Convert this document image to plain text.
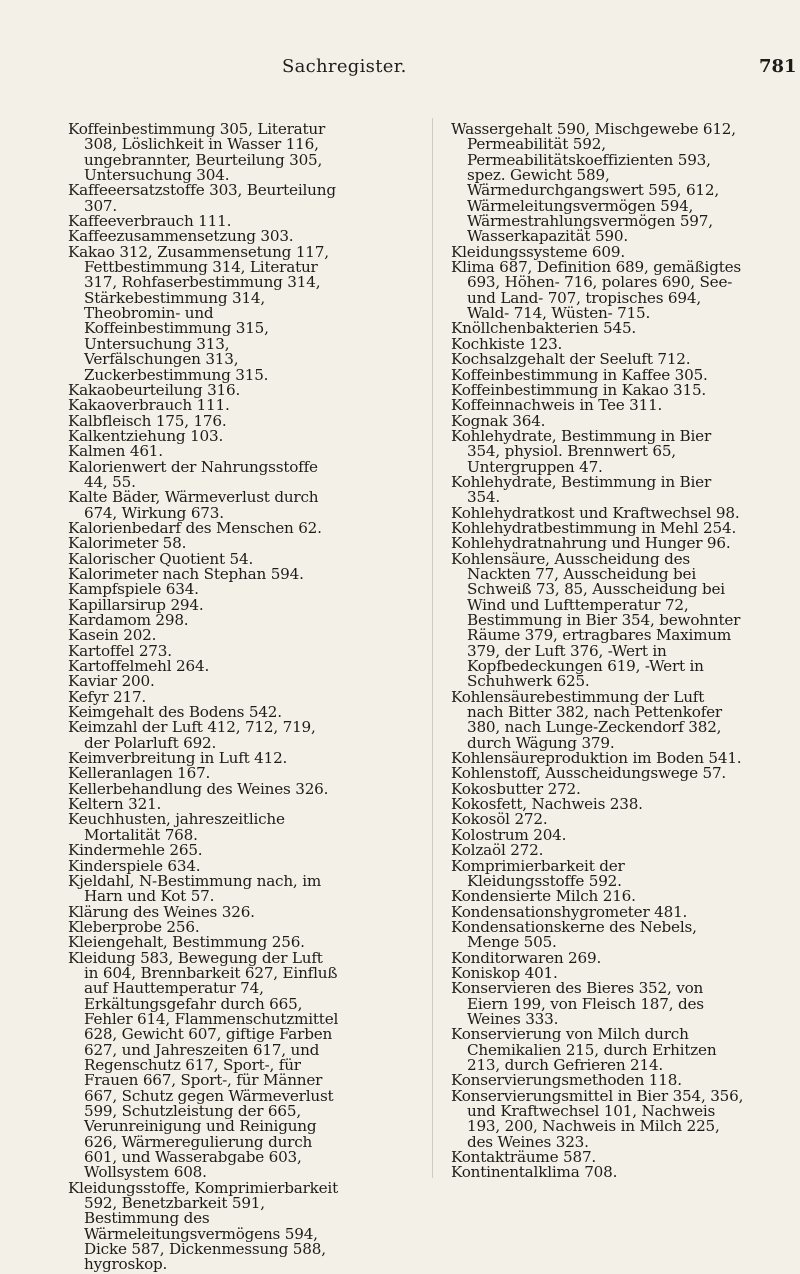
Sachregister.	781

Koffeinbestimmung 305, Literatur 308, Löslichkeit in Wasser 116, ungebrannter, Beurteilung 305, Untersuchung 304.

Kaffeeersatzstoffe 303, Beurteilung 307.

Kaffeeverbrauch 111.

Kaffeezusammensetzung 303.

Kakao 312, Zusammensetung 117, Fettbestimmung 314, Literatur 317, Rohfaserbestimmung 314, Stärkebestimmung 314, Theobromin- und Koffeinbestimmung 315, Untersuchung 313, Verfälschungen 313, Zuckerbestimmung 315.

Kakaobeurteilung 316.

Kakaoverbrauch 111.

Kalbfleisch 175, 176.

Kalkentziehung 103.

Kalmen 461.

Kalorienwert der Nahrungsstoffe 44, 55.

Kalte Bäder, Wärmeverlust durch 674, Wirkung 673.

Kalorienbedarf des Menschen 62.

Kalorimeter 58.

Kalorischer Quotient 54.

Kalorimeter nach Stephan 594.

Kampfspiele 634.

Kapillarsirup 294.

Kardamom 298.

Kasein 202.

Kartoffel 273.

Kartoffelmehl 264.

Kaviar 200.

Kefyr 217.

Keimgehalt des Bodens 542.

Keimzahl der Luft 412, 712, 719, der Polarluft 692.

Keimverbreitung in Luft 412.

Kelleranlagen 167.

Kellerbehandlung des Weines 326.

Keltern 321.

Keuchhusten, jahreszeitliche Mortalität 768.

Kindermehle 265.

Kinderspiele 634.

Kjeldahl, N-Bestimmung nach, im Harn und Kot 57.

Klärung des Weines 326.

Kleberprobe 256.

Kleiengehalt, Bestimmung 256.

Kleidung 583, Bewegung der Luft in 604, Brennbarkeit 627, Einfluß auf Hauttemperatur 74, Erkältungsgefahr durch 665, Fehler 614, Flammenschutzmittel 628, Gewicht 607, giftige Farben 627, und Jahreszeiten 617, und Regenschutz 617, Sport-, für Frauen 667, Sport-, für Männer 667, Schutz gegen Wärmeverlust 599, Schutzleistung der 665, Verunreinigung und Reinigung 626, Wärmeregulierung durch 601, und Wasserabgabe 603, Wollsystem 608.

Kleidungsstoffe, Komprimierbarkeit 592, Benetzbarkeit 591, Bestimmung des Wärmeleitungsvermögens 594, Dicke 587, Dickenmessung 588, hygroskop.

Wassergehalt 590, Mischgewebe 612, Permeabilität 592, Permeabilitätskoeffizienten 593, spez. Gewicht 589, Wärmedurchgangswert 595, 612, Wärmeleitungsvermögen 594, Wärmestrahlungsvermögen 597, Wasserkapazität 590.

Kleidungssysteme 609.

Klima 687, Definition 689, gemäßigtes 693, Höhen- 716, polares 690, See- und Land- 707, tropisches 694, Wald- 714, Wüsten- 715.

Knöllchenbakterien 545.

Kochkiste 123.

Kochsalzgehalt der Seeluft 712.

Koffeinbestimmung in Kaffee 305.

Koffeinbestimmung in Kakao 315.

Koffeinnachweis in Tee 311.

Kognak 364.

Kohlehydrate, Bestimmung in Bier 354, physiol. Brennwert 65, Untergruppen 47.

Kohlehydrate, Bestimmung in Bier 354.

Kohlehydratkost und Kraftwechsel 98.

Kohlehydratbestimmung in Mehl 254.

Kohlehydratnahrung und Hunger 96.

Kohlensäure, Ausscheidung des Nackten 77, Ausscheidung bei Schweiß 73, 85, Ausscheidung bei Wind und Lufttemperatur 72, Bestimmung in Bier 354, bewohnter Räume 379, ertragbares Maximum 379, der Luft 376, -Wert in Kopfbedeckungen 619, -Wert in Schuhwerk 625.

Kohlensäurebestimmung der Luft nach Bitter 382, nach Pettenkofer 380, nach Lunge-Zeckendorf 382, durch Wägung 379.

Kohlensäureproduktion im Boden 541.

Kohlenstoff, Ausscheidungswege 57.

Kokosbutter 272.

Kokosfett, Nachweis 238.

Kokosöl 272.

Kolostrum 204.

Kolzaöl 272.

Komprimierbarkeit der Kleidungsstoffe 592.

Kondensierte Milch 216.

Kondensationshygrometer 481.

Kondensationskerne des Nebels, Menge 505.

Konditorwaren 269.

Koniskop 401.

Konservieren des Bieres 352, von Eiern 199, von Fleisch 187, des Weines 333.

Konservierung von Milch durch Chemikalien 215, durch Erhitzen 213, durch Gefrieren 214.

Konservierungsmethoden 118.

Konservierungsmittel in Bier 354, 356, und Kraftwechsel 101, Nachweis 193, 200, Nachweis in Milch 225, des Weines 323.

Kontakträume 587.

Kontinentalklima 708.
